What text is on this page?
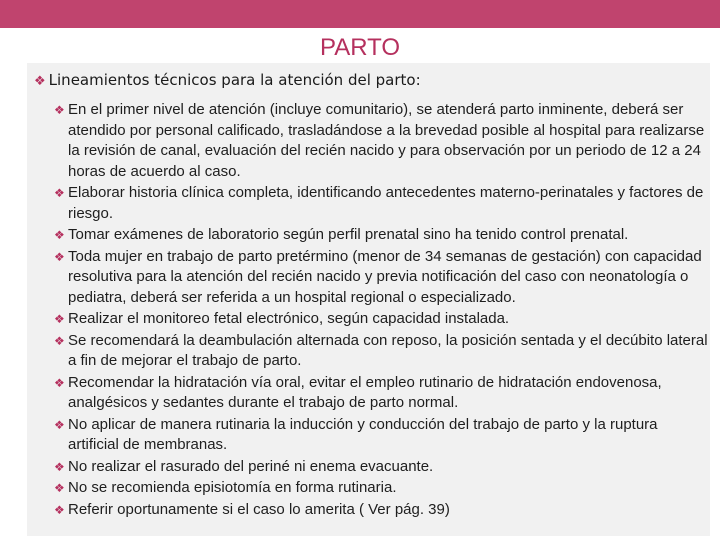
PARTO
❖ Lineamientos técnicos para la atención del parto:
❖ En el primer nivel de atención (incluye comunitario), se atenderá parto inminente, deberá ser atendido por personal calificado, trasladándose a la brevedad posible al hospital para realizarse la revisión de canal, evaluación del recién nacido y para observación por un periodo de 12 a 24 horas de acuerdo al caso.
❖ Elaborar historia clínica completa, identificando antecedentes materno-perinatales y factores de riesgo.
❖ Tomar exámenes de laboratorio según perfil prenatal sino ha tenido control prenatal.
❖ Toda mujer en trabajo de parto pretérmino (menor de 34 semanas de gestación) con capacidad resolutiva para la atención del recién nacido y previa notificación del caso con neonatología o pediatra, deberá ser referida a un hospital regional o especializado.
❖ Realizar el monitoreo fetal electrónico, según capacidad instalada.
❖ Se recomendará la deambulación alternada con reposo, la posición sentada y el decúbito lateral a fin de mejorar el trabajo de parto.
❖ Recomendar la hidratación vía oral, evitar el empleo rutinario de hidratación endovenosa, analgésicos y sedantes durante el trabajo de parto normal.
❖ No aplicar de manera rutinaria la inducción y conducción del trabajo de parto y la ruptura artificial de membranas.
❖ No realizar el rasurado del periné ni enema evacuante.
❖ No se recomienda episiotomía en forma rutinaria.
❖ Referir oportunamente si el caso lo amerita ( Ver pág. 39)
